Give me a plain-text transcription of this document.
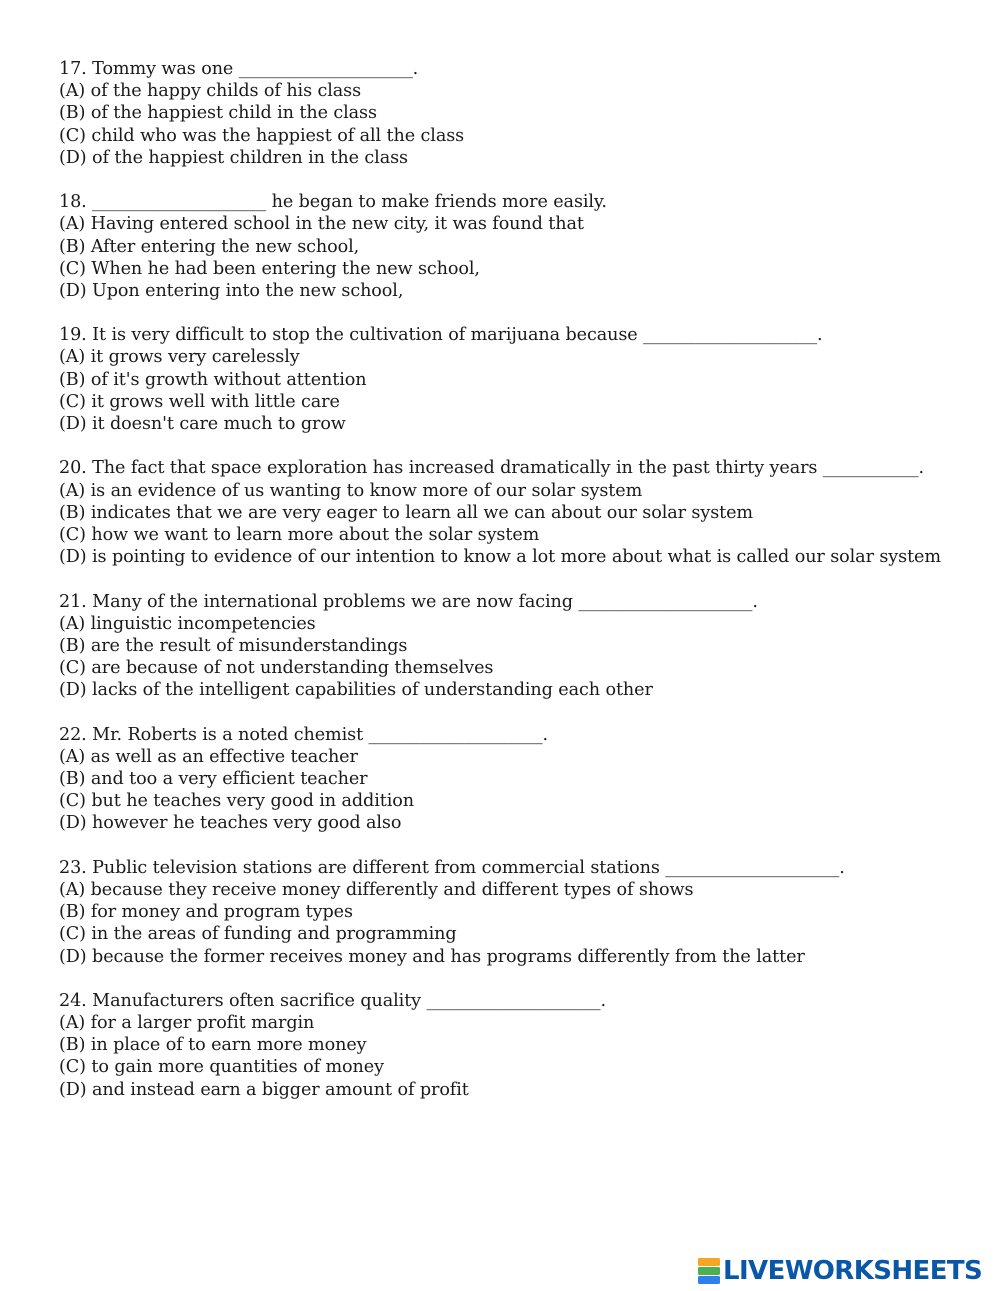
17. Tommy was one ____________________.
(A) of the happy childs of his class
(B) of the happiest child in the class
(C) child who was the happiest of all the class
(D) of the happiest children in the class
18. ____________________ he began to make friends more easily.
(A) Having entered school in the new city, it was found that
(B) After entering the new school,
(C) When he had been entering the new school,
(D) Upon entering into the new school,
19. It is very difficult to stop the cultivation of marijuana because ____________________.
(A) it grows very carelessly
(B) of it's growth without attention
(C) it grows well with little care
(D) it doesn't care much to grow
20. The fact that space exploration has increased dramatically in the past thirty years ___________.
(A) is an evidence of us wanting to know more of our solar system
(B) indicates that we are very eager to learn all we can about our solar system
(C) how we want to learn more about the solar system
(D) is pointing to evidence of our intention to know a lot more about what is called our solar system
21. Many of the international problems we are now facing ____________________.
(A) linguistic incompetencies
(B) are the result of misunderstandings
(C) are because of not understanding themselves
(D) lacks of the intelligent capabilities of understanding each other
22. Mr. Roberts is a noted chemist ____________________.
(A) as well as an effective teacher
(B) and too a very efficient teacher
(C) but he teaches very good in addition
(D) however he teaches very good also
23. Public television stations are different from commercial stations ____________________.
(A) because they receive money differently and different types of shows
(B) for money and program types
(C) in the areas of funding and programming
(D) because the former receives money and has programs differently from the latter
24. Manufacturers often sacrifice quality ____________________.
(A) for a larger profit margin
(B) in place of to earn more money
(C) to gain more quantities of money
(D) and instead earn a bigger amount of profit
LIVEWORKSHEETS
